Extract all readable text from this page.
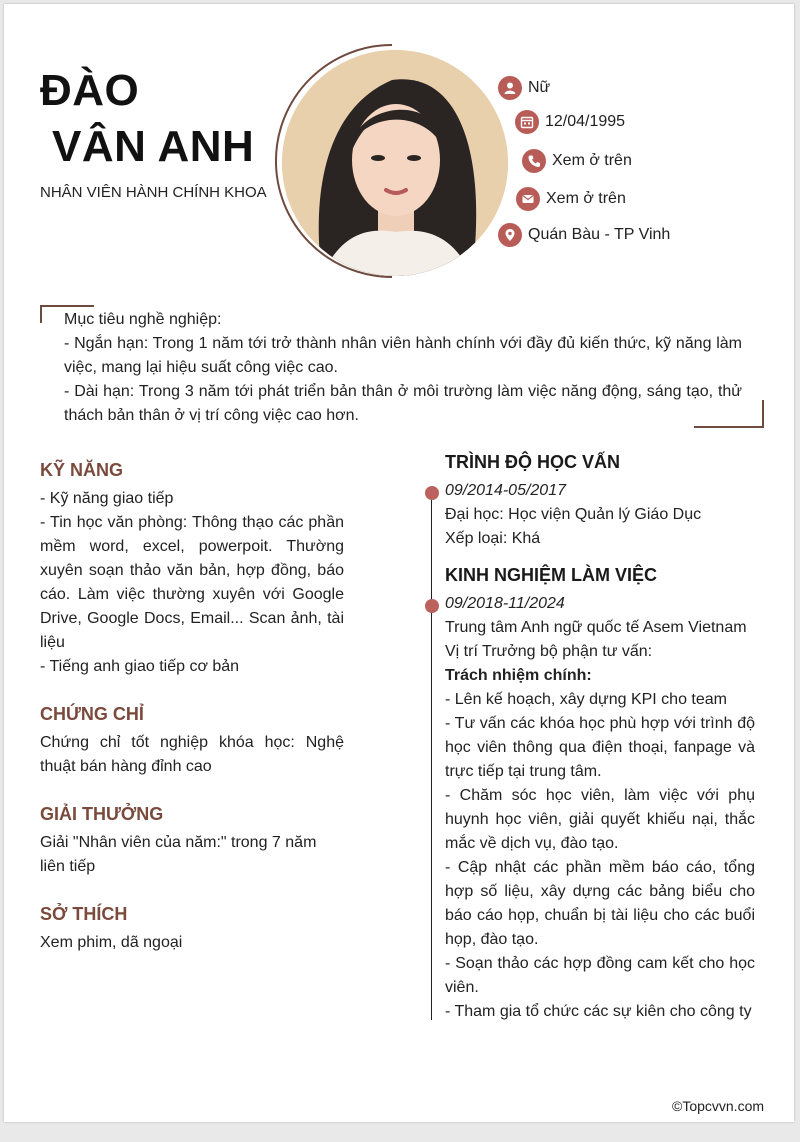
ĐÀO
VÂN ANH
NHÂN VIÊN HÀNH CHÍNH KHOA
Nữ
12/04/1995
Xem ở trên
Xem ở trên
Quán Bàu - TP Vinh
Mục tiêu nghề nghiệp:
- Ngắn hạn: Trong 1 năm tới trở thành nhân viên hành chính với đầy đủ kiến thức, kỹ năng làm việc, mang lại hiệu suất công việc cao.
- Dài hạn: Trong 3 năm tới phát triển bản thân ở môi trường làm việc năng động, sáng tạo, thử thách bản thân ở vị trí công việc cao hơn.
KỸ NĂNG
- Kỹ năng giao tiếp
- Tin học văn phòng: Thông thạo các phần mềm word, excel, powerpoit. Thường xuyên soạn thảo văn bản, hợp đồng, báo cáo. Làm việc thường xuyên với Google Drive, Google Docs, Email... Scan ảnh, tài liệu
- Tiếng anh giao tiếp cơ bản
CHỨNG CHỈ
Chứng chỉ tốt nghiệp khóa học: Nghệ thuật bán hàng đỉnh cao
GIẢI THƯỞNG
Giải "Nhân viên của năm:" trong 7 năm liên tiếp
SỞ THÍCH
Xem phim, dã ngoại
TRÌNH ĐỘ HỌC VẤN
09/2014-05/2017
Đại học: Học viện Quản lý Giáo Dục
Xếp loại: Khá
KINH NGHIỆM LÀM VIỆC
09/2018-11/2024
Trung tâm Anh ngữ quốc tế Asem Vietnam
Vị trí Trưởng bộ phận tư vấn:
Trách nhiệm chính:
- Lên kế hoạch, xây dựng KPI cho team
- Tư vấn các khóa học phù hợp với trình độ học viên thông qua điện thoại, fanpage và trực tiếp tại trung tâm.
- Chăm sóc học viên, làm việc với phụ huynh học viên, giải quyết khiếu nại, thắc mắc về dịch vụ, đào tạo.
- Cập nhật các phần mềm báo cáo, tổng hợp số liệu, xây dựng các bảng biểu cho báo cáo họp, chuẩn bị tài liệu cho các buổi họp, đào tạo.
- Soạn thảo các hợp đồng cam kết cho học viên.
- Tham gia tổ chức các sự kiên cho công ty
©Topcvvn.com
